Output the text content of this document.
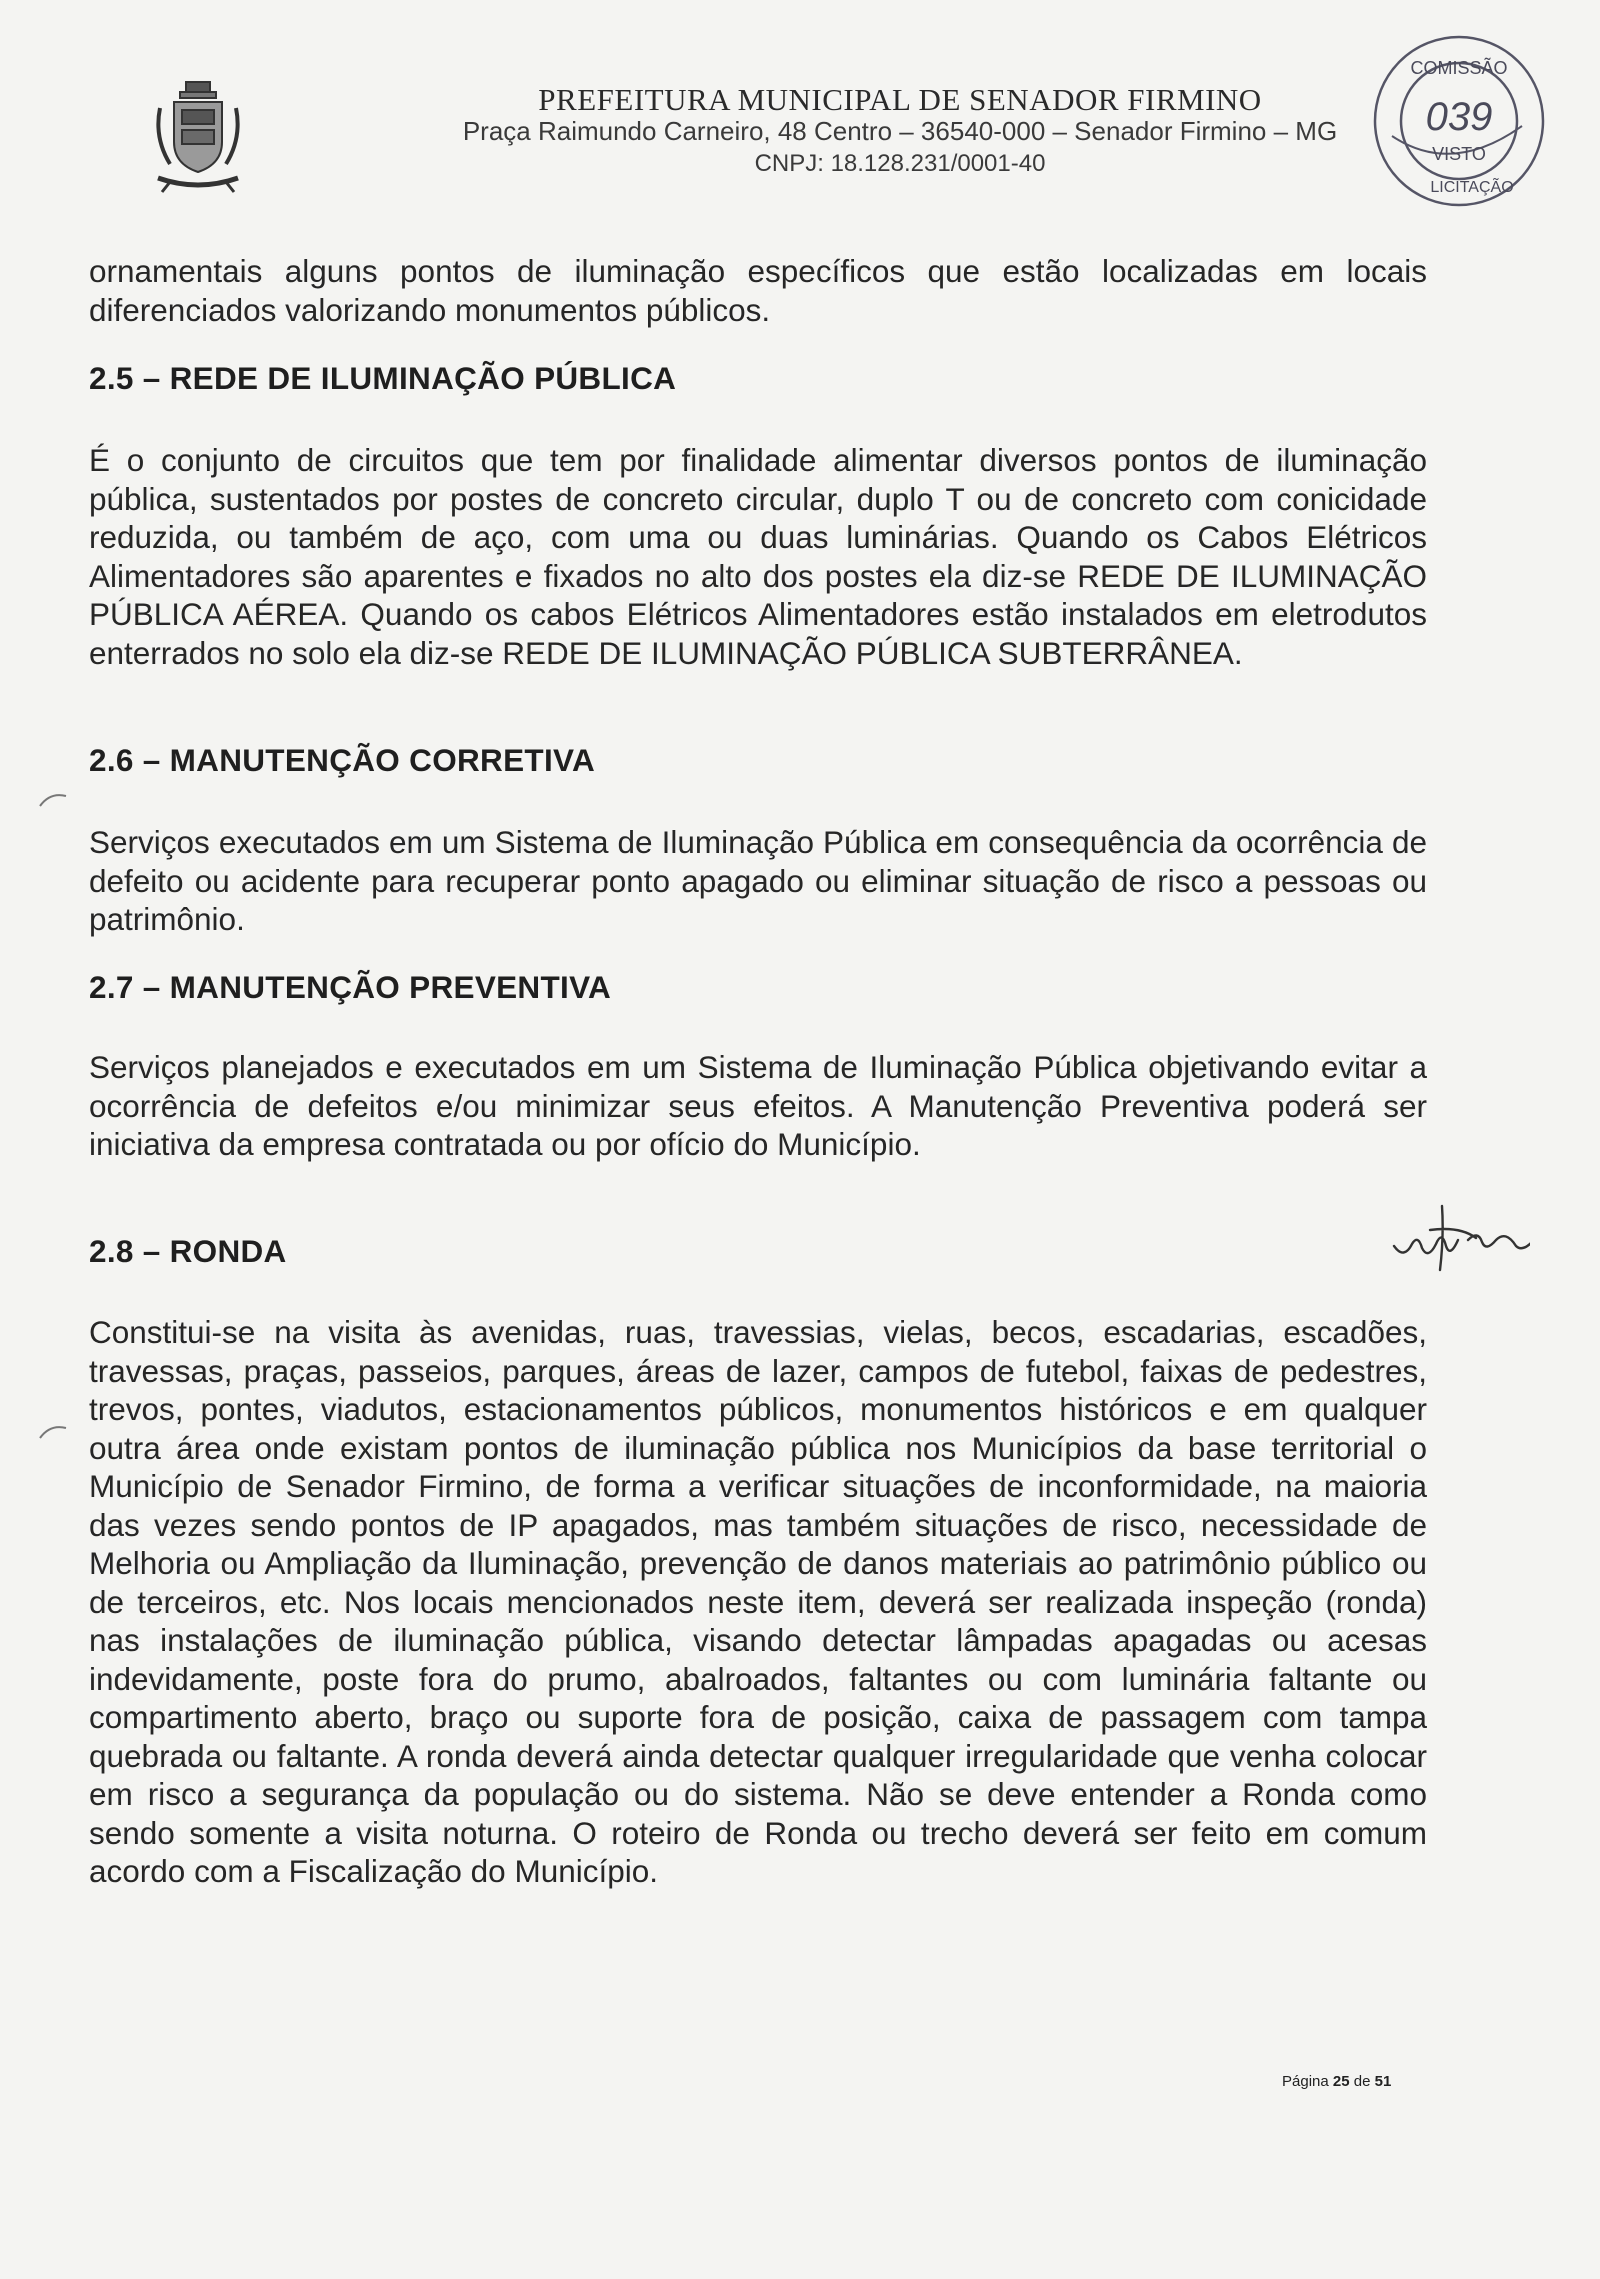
PREFEITURA MUNICIPAL DE SENADOR FIRMINO
Praça Raimundo Carneiro, 48 Centro – 36540-000 – Senador Firmino – MG
CNPJ: 18.128.231/0001-40
COMISSÃO
039
VISTO
LICITAÇÃO

ornamentais alguns pontos de iluminação específicos que estão localizadas em locais diferenciados valorizando monumentos públicos.

2.5 – REDE DE ILUMINAÇÃO PÚBLICA

É o conjunto de circuitos que tem por finalidade alimentar diversos pontos de iluminação pública, sustentados por postes de concreto circular, duplo T ou de concreto com conicidade reduzida, ou também de aço, com uma ou duas luminárias. Quando os Cabos Elétricos Alimentadores são aparentes e fixados no alto dos postes ela diz-se REDE DE ILUMINAÇÃO PÚBLICA AÉREA. Quando os cabos Elétricos Alimentadores estão instalados em eletrodutos enterrados no solo ela diz-se REDE DE ILUMINAÇÃO PÚBLICA SUBTERRÂNEA.

2.6 – MANUTENÇÃO CORRETIVA

Serviços executados em um Sistema de Iluminação Pública em consequência da ocorrência de defeito ou acidente para recuperar ponto apagado ou eliminar situação de risco a pessoas ou patrimônio.

2.7 – MANUTENÇÃO PREVENTIVA

Serviços planejados e executados em um Sistema de Iluminação Pública objetivando evitar a ocorrência de defeitos e/ou minimizar seus efeitos. A Manutenção Preventiva poderá ser iniciativa da empresa contratada ou por ofício do Município.

2.8 – RONDA

Constitui-se na visita às avenidas, ruas, travessias, vielas, becos, escadarias, escadões, travessas, praças, passeios, parques, áreas de lazer, campos de futebol, faixas de pedestres, trevos, pontes, viadutos, estacionamentos públicos, monumentos históricos e em qualquer outra área onde existam pontos de iluminação pública nos Municípios da base territorial o Município de Senador Firmino, de forma a verificar situações de inconformidade, na maioria das vezes sendo pontos de IP apagados, mas também situações de risco, necessidade de Melhoria ou Ampliação da Iluminação, prevenção de danos materiais ao patrimônio público ou de terceiros, etc. Nos locais mencionados neste item, deverá ser realizada inspeção (ronda) nas instalações de iluminação pública, visando detectar lâmpadas apagadas ou acesas indevidamente, poste fora do prumo, abalroados, faltantes ou com luminária faltante ou compartimento aberto, braço ou suporte fora de posição, caixa de passagem com tampa quebrada ou faltante. A ronda deverá ainda detectar qualquer irregularidade que venha colocar em risco a segurança da população ou do sistema. Não se deve entender a Ronda como sendo somente a visita noturna. O roteiro de Ronda ou trecho deverá ser feito em comum acordo com a Fiscalização do Município.

Página 25 de 51
